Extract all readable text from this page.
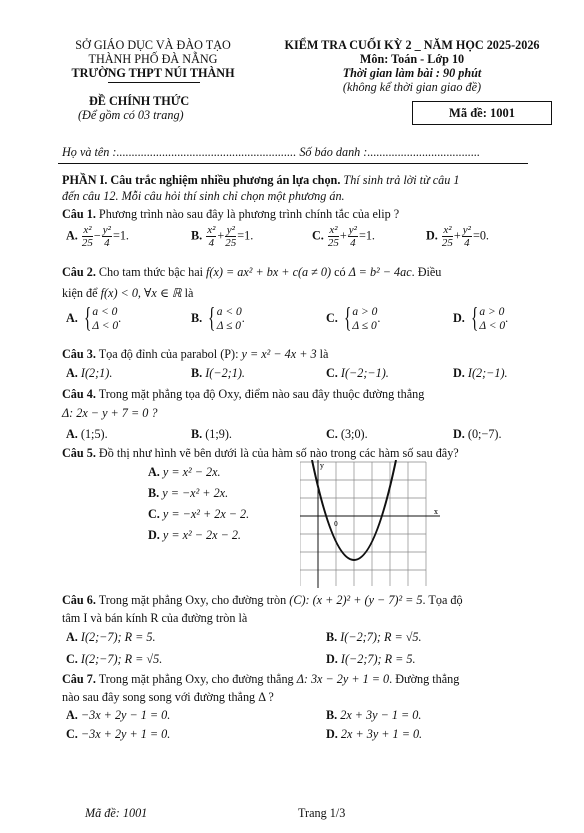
SỞ GIÁO DỤC VÀ ĐÀO TẠO
THÀNH PHỐ ĐÀ NẴNG
TRƯỜNG THPT NÚI THÀNH
KIỂM TRA CUỐI KỲ 2 _ NĂM HỌC 2025-2026
Môn: Toán - Lớp 10
Thời gian làm bài : 90 phút
(không kể thời gian giao đề)
ĐỀ CHÍNH THỨC
(Để gồm có 03 trang)	Mã đề: 1001
Họ và tên :........................................................... Số báo danh :.....................................
PHẦN I. Câu trắc nghiệm nhiều phương án lựa chọn. Thí sinh trả lời từ câu 1
đến câu 12. Mỗi câu hỏi thí sinh chỉ chọn một phương án.
Câu 1. Phương trình nào sau đây là phương trình chính tắc của elip ?
A. $\frac{\text{x²}}{25} - \frac{\text{y²}}{4} =1$.	B. $\frac{\text{x²}}{4} + \frac{\text{y²}}{25} =1$.	C. $\frac{\text{x²}}{25} + \frac{\text{y²}}{4} =1$.	D. $\frac{\text{x²}}{25} + \frac{\text{y²}}{4} =0$.
Câu 2. Cho tam thức bậc hai f(x) = ax² + bx + c(a ≠ 0) có Δ = b² − 4ac. Điều
kiện để f(x) < 0, ∀x ∈ ℝ là
A. { a < 0
Δ < 0
.	B. { a < 0
Δ ≤ 0
.	C. { a > 0
Δ ≤ 0
.	D. { a > 0
Δ < 0
.
Câu 3. Tọa độ đỉnh của parabol (P): y = x² − 4x + 3 là
A. I(2;1).	B. I(−2;1).	C. I(−2;−1).	D. I(2;−1).
Câu 4. Trong mặt phẳng tọa độ Oxy, điểm nào sau đây thuộc đường thẳng
Δ: 2x − y + 7 = 0 ?
A. (1;5).	B. (1;9).	C. (3;0).	D. (0;−7).
Câu 5. Đồ thị như hình vẽ bên dưới là của hàm số nào trong các hàm số sau đây?
A. y = x² − 2x.
B. y = −x² + 2x.
C. y = −x² + 2x − 2.
D. y = x² − 2x − 2.
y
x
0
Câu 6. Trong mặt phẳng Oxy, cho đường tròn (C): (x + 2)² + (y − 7)² = 5. Tọa độ
tâm I và bán kính R của đường tròn là
A. I(2;−7); R = 5.	B. I(−2;7); R = √5.
C. I(2;−7); R = √5.	D. I(−2;7); R = 5.
Câu 7. Trong mặt phẳng Oxy, cho đường thẳng Δ: 3x − 2y + 1 = 0. Đường thẳng
nào sau đây song song với đường thẳng Δ ?
A. −3x + 2y − 1 = 0.	B. 2x + 3y − 1 = 0.
C. −3x + 2y + 1 = 0.	D. 2x + 3y + 1 = 0.
Mã đề: 1001	Trang 1/3
